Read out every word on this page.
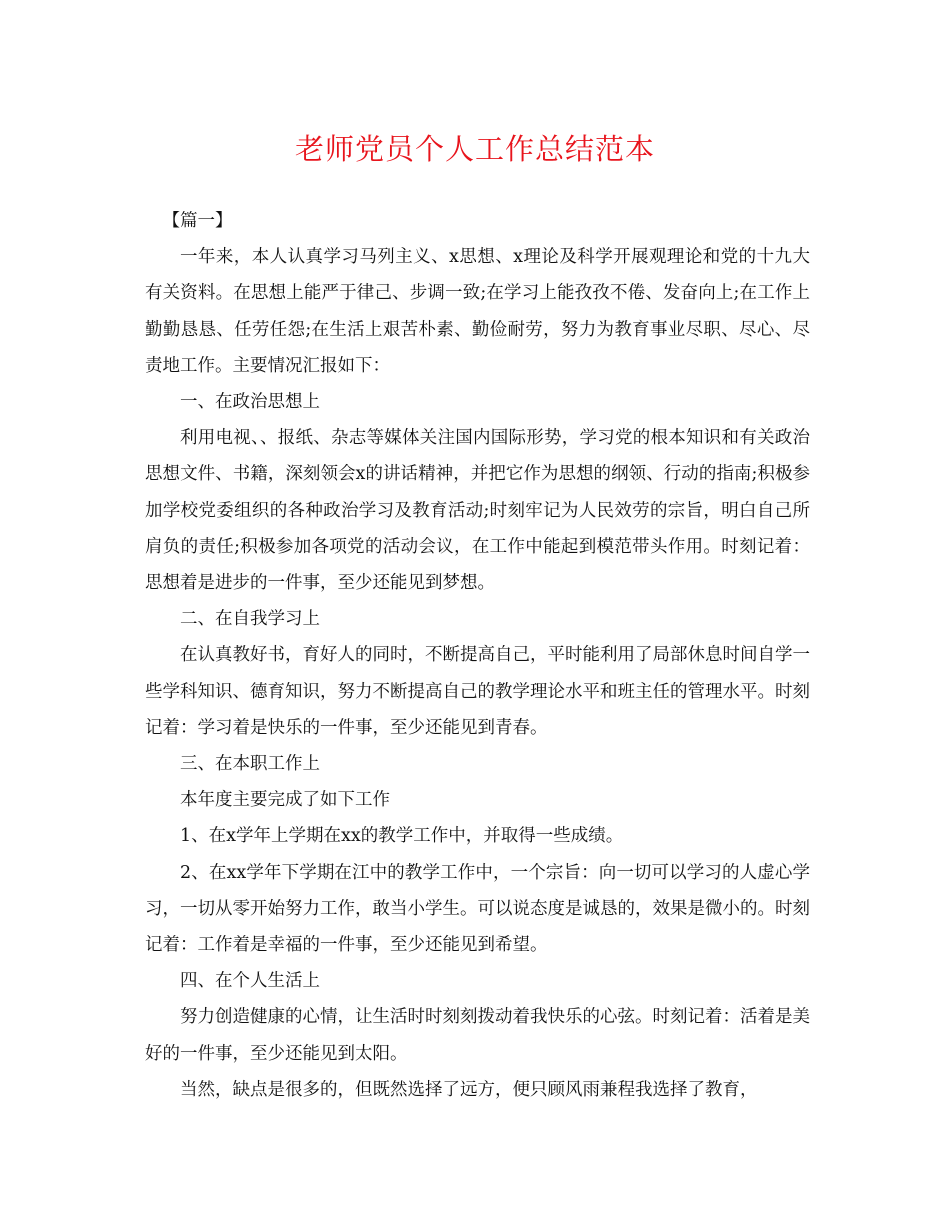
老师党员个人工作总结范本

【篇一】

一年来，本人认真学习马列主义、x思想、x理论及科学开展观理论和党的十九大有关资料。在思想上能严于律己、步调一致;在学习上能孜孜不倦、发奋向上;在工作上勤勤恳恳、任劳任怨;在生活上艰苦朴素、勤俭耐劳，努力为教育事业尽职、尽心、尽责地工作。主要情况汇报如下：

一、在政治思想上

利用电视、、报纸、杂志等媒体关注国内国际形势，学习党的根本知识和有关政治思想文件、书籍，深刻领会x的讲话精神，并把它作为思想的纲领、行动的指南;积极参加学校党委组织的各种政治学习及教育活动;时刻牢记为人民效劳的宗旨，明白自己所肩负的责任;积极参加各项党的活动会议，在工作中能起到模范带头作用。时刻记着：思想着是进步的一件事，至少还能见到梦想。

二、在自我学习上

在认真教好书，育好人的同时，不断提高自己，平时能利用了局部休息时间自学一些学科知识、德育知识，努力不断提高自己的教学理论水平和班主任的管理水平。时刻记着：学习着是快乐的一件事，至少还能见到青春。

三、在本职工作上

本年度主要完成了如下工作

1、在x学年上学期在xx的教学工作中，并取得一些成绩。

2、在xx学年下学期在江中的教学工作中，一个宗旨：向一切可以学习的人虚心学习，一切从零开始努力工作，敢当小学生。可以说态度是诚恳的，效果是微小的。时刻记着：工作着是幸福的一件事，至少还能见到希望。

四、在个人生活上

努力创造健康的心情，让生活时时刻刻拨动着我快乐的心弦。时刻记着：活着是美好的一件事，至少还能见到太阳。

当然，缺点是很多的，但既然选择了远方，便只顾风雨兼程我选择了教育，
